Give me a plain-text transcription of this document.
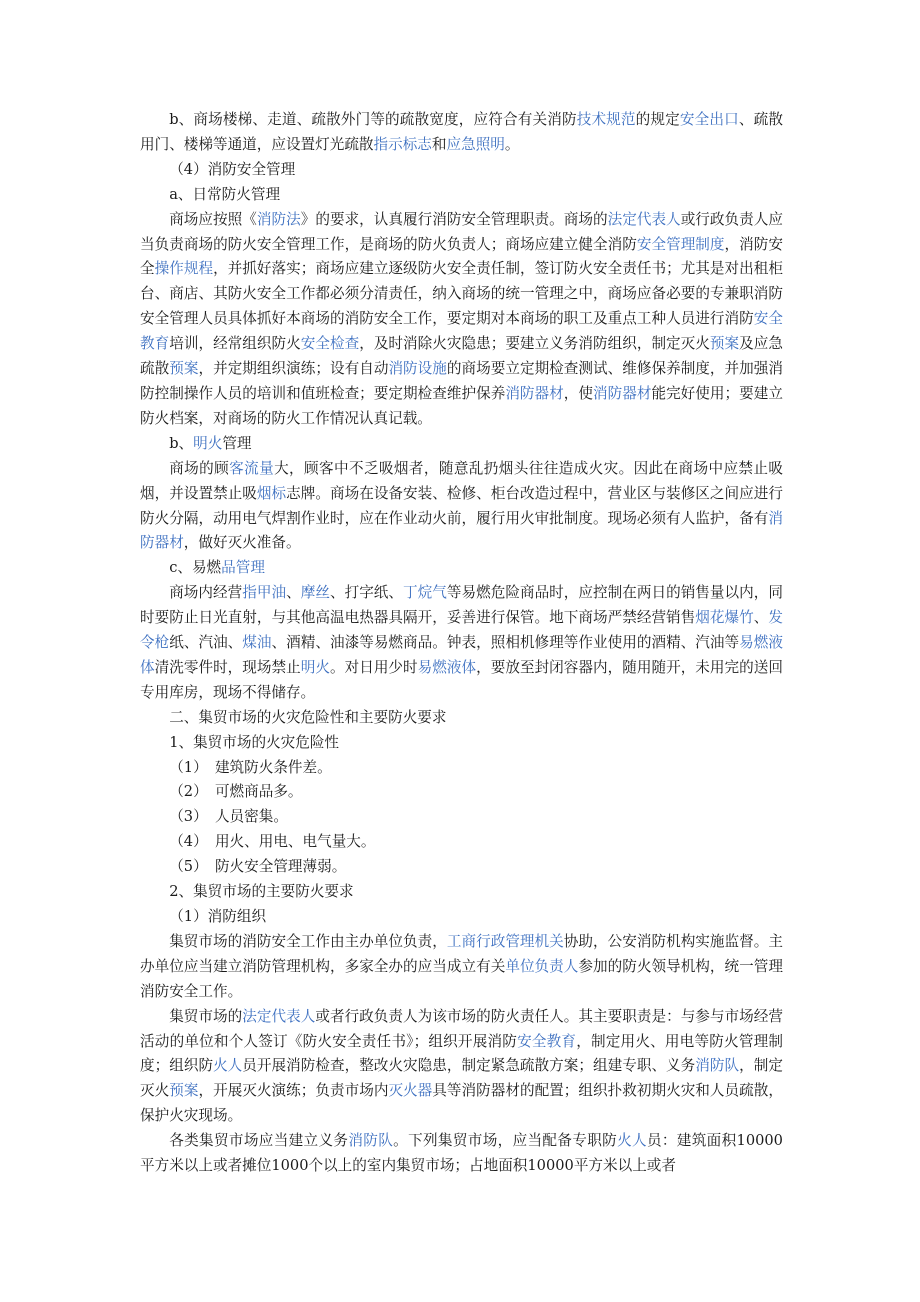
b、商场楼梯、走道、疏散外门等的疏散宽度，应符合有关消防技术规范的规定安全出口、疏散用门、楼梯等通道，应设置灯光疏散指示标志和应急照明。

（4）消防安全管理

a、日常防火管理

商场应按照《消防法》的要求，认真履行消防安全管理职责。商场的法定代表人或行政负责人应当负责商场的防火安全管理工作，是商场的防火负责人；商场应建立健全消防安全管理制度，消防安全操作规程，并抓好落实；商场应建立逐级防火安全责任制，签订防火安全责任书；尤其是对出租柜台、商店、其防火安全工作都必须分清责任，纳入商场的统一管理之中，商场应备必要的专兼职消防安全管理人员具体抓好本商场的消防安全工作，要定期对本商场的职工及重点工种人员进行消防安全教育培训，经常组织防火安全检查，及时消除火灾隐患；要建立义务消防组织，制定灭火预案及应急疏散预案，并定期组织演练；设有自动消防设施的商场要立定期检查测试、维修保养制度，并加强消防控制操作人员的培训和值班检查；要定期检查维护保养消防器材，使消防器材能完好使用；要建立防火档案，对商场的防火工作情况认真记载。

b、明火管理

商场的顾客流量大，顾客中不乏吸烟者，随意乱扔烟头往往造成火灾。因此在商场中应禁止吸烟，并设置禁止吸烟标志牌。商场在设备安装、检修、柜台改造过程中，营业区与装修区之间应进行防火分隔，动用电气焊割作业时，应在作业动火前，履行用火审批制度。现场必须有人监护，备有消防器材，做好灭火准备。

c、易燃品管理

商场内经营指甲油、摩丝、打字纸、丁烷气等易燃危险商品时，应控制在两日的销售量以内，同时要防止日光直射，与其他高温电热器具隔开，妥善进行保管。地下商场严禁经营销售烟花爆竹、发令枪纸、汽油、煤油、酒精、油漆等易燃商品。钟表，照相机修理等作业使用的酒精、汽油等易燃液体清洗零件时，现场禁止明火。对日用少时易燃液体，要放至封闭容器内，随用随开，未用完的送回专用库房，现场不得储存。

二、集贸市场的火灾危险性和主要防火要求

1、集贸市场的火灾危险性

（1）　建筑防火条件差。

（2）　可燃商品多。

（3）　人员密集。

（4）　用火、用电、电气量大。

（5）　防火安全管理薄弱。

2、集贸市场的主要防火要求

（1）消防组织

集贸市场的消防安全工作由主办单位负责，工商行政管理机关协助，公安消防机构实施监督。主办单位应当建立消防管理机构，多家全办的应当成立有关单位负责人参加的防火领导机构，统一管理消防安全工作。

集贸市场的法定代表人或者行政负责人为该市场的防火责任人。其主要职责是：与参与市场经营活动的单位和个人签订《防火安全责任书》；组织开展消防安全教育，制定用火、用电等防火管理制度；组织防火人员开展消防检查，整改火灾隐患，制定紧急疏散方案；组建专职、义务消防队，制定灭火预案，开展灭火演练；负责市场内灭火器具等消防器材的配置；组织扑救初期火灾和人员疏散，保护火灾现场。

各类集贸市场应当建立义务消防队。下列集贸市场，应当配备专职防火人员：建筑面积10000平方米以上或者摊位1000个以上的室内集贸市场；占地面积10000平方米以上或者
